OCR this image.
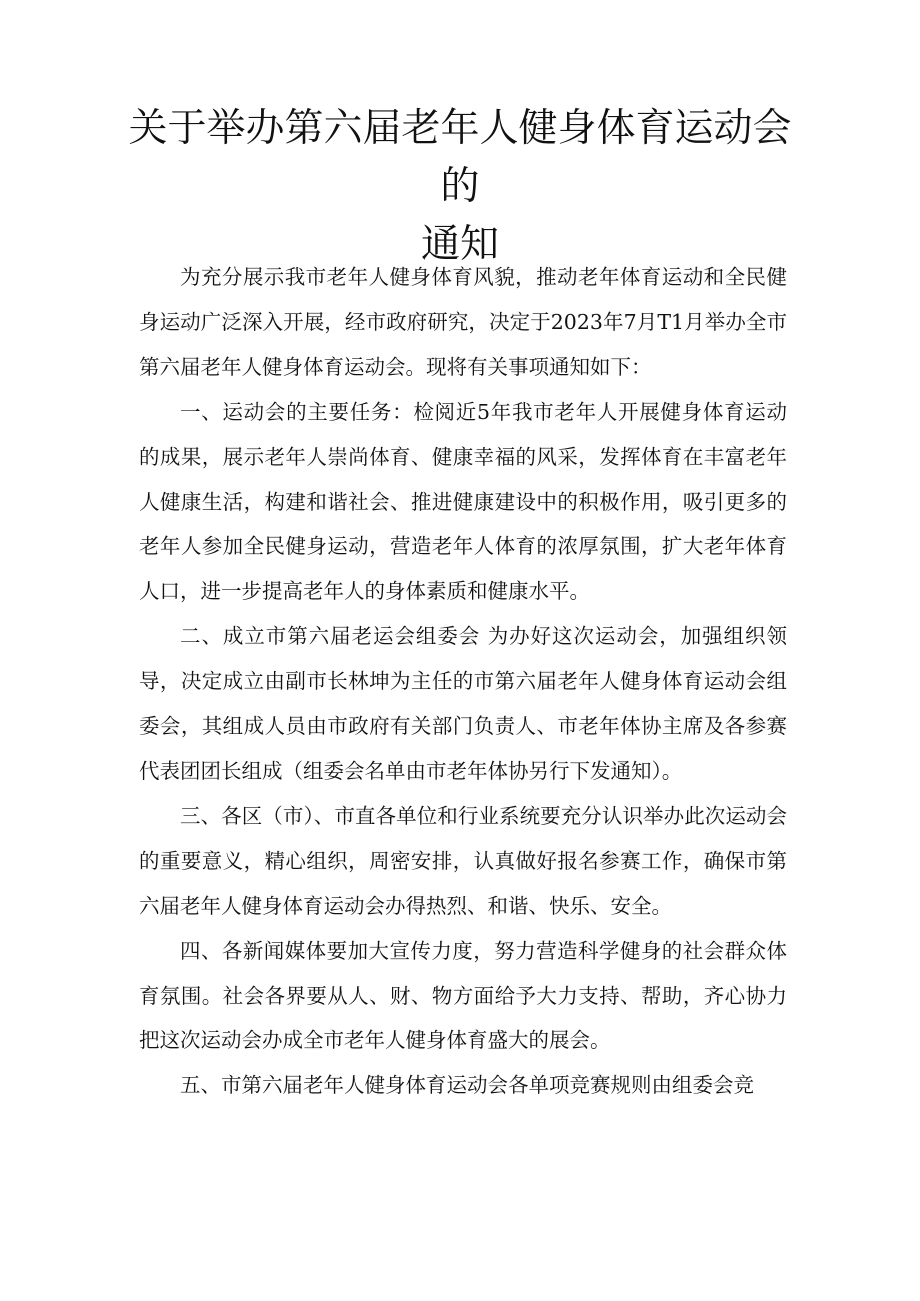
关于举办第六届老年人健身体育运动会的
通知

为充分展示我市老年人健身体育风貌，推动老年体育运动和全民健身运动广泛深入开展，经市政府研究，决定于2023年7月T1月举办全市第六届老年人健身体育运动会。现将有关事项通知如下：

一、运动会的主要任务：检阅近5年我市老年人开展健身体育运动的成果，展示老年人崇尚体育、健康幸福的风采，发挥体育在丰富老年人健康生活，构建和谐社会、推进健康建设中的积极作用，吸引更多的老年人参加全民健身运动，营造老年人体育的浓厚氛围，扩大老年体育人口，进一步提高老年人的身体素质和健康水平。

二、成立市第六届老运会组委会 为办好这次运动会，加强组织领导，决定成立由副市长林坤为主任的市第六届老年人健身体育运动会组委会，其组成人员由市政府有关部门负责人、市老年体协主席及各参赛代表团团长组成（组委会名单由市老年体协另行下发通知）。

三、各区（市）、市直各单位和行业系统要充分认识举办此次运动会的重要意义，精心组织，周密安排，认真做好报名参赛工作，确保市第六届老年人健身体育运动会办得热烈、和谐、快乐、安全。

四、各新闻媒体要加大宣传力度，努力营造科学健身的社会群众体育氛围。社会各界要从人、财、物方面给予大力支持、帮助，齐心协力把这次运动会办成全市老年人健身体育盛大的展会。

五、市第六届老年人健身体育运动会各单项竞赛规则由组委会竞
